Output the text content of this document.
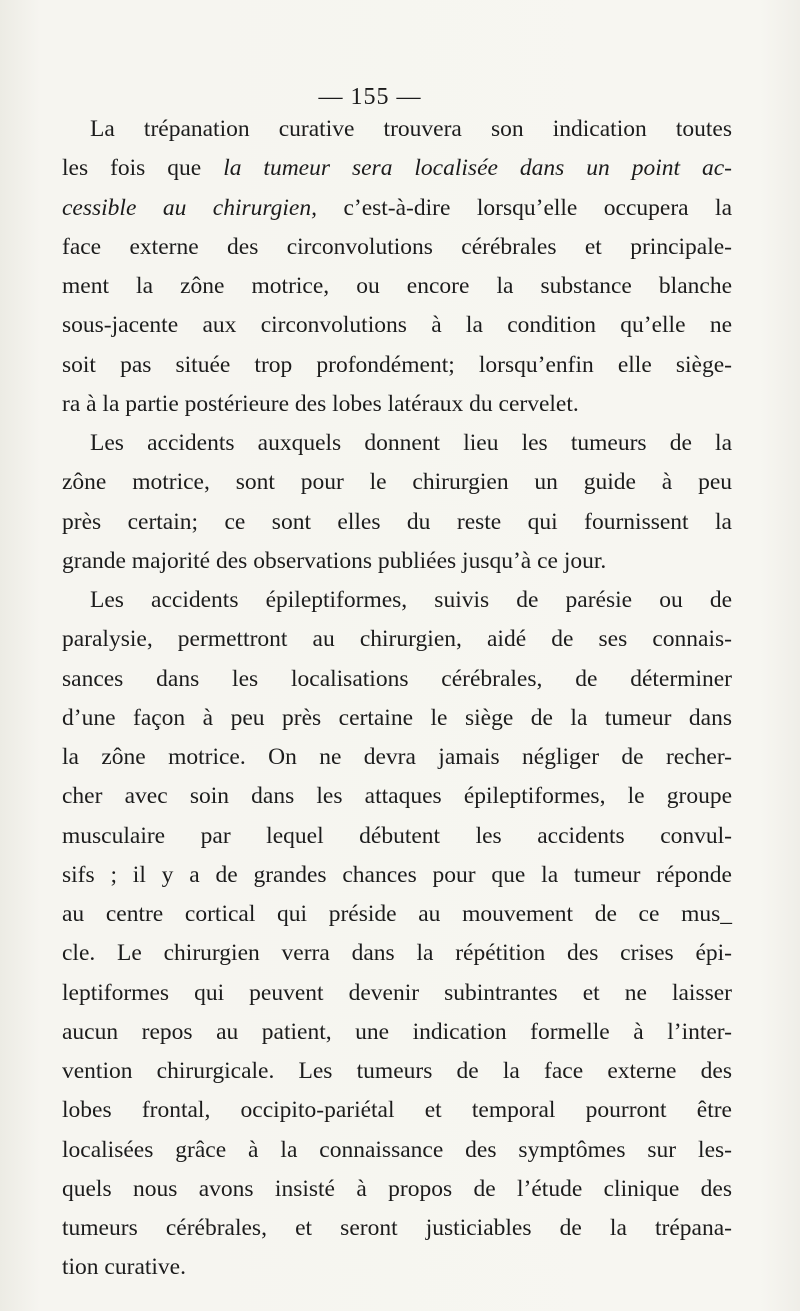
— 155 —
La trépanation curative trouvera son indication toutes
les fois que la tumeur sera localisée dans un point ac-
cessible au chirurgien, c’est-à-dire lorsqu’elle occupera la
face externe des circonvolutions cérébrales et principale-
ment la zône motrice, ou encore la substance blanche
sous-jacente aux circonvolutions à la condition qu’elle ne
soit pas située trop profondément; lorsqu’enfin elle siège-
ra à la partie postérieure des lobes latéraux du cervelet.
Les accidents auxquels donnent lieu les tumeurs de la
zône motrice, sont pour le chirurgien un guide à peu
près certain; ce sont elles du reste qui fournissent la
grande majorité des observations publiées jusqu’à ce jour.
Les accidents épileptiformes, suivis de parésie ou de
paralysie, permettront au chirurgien, aidé de ses connais-
sances dans les localisations cérébrales, de déterminer
d’une façon à peu près certaine le siège de la tumeur dans
la zône motrice. On ne devra jamais négliger de recher-
cher avec soin dans les attaques épileptiformes, le groupe
musculaire par lequel débutent les accidents convul-
sifs ; il y a de grandes chances pour que la tumeur réponde
au centre cortical qui préside au mouvement de ce mus_
cle. Le chirurgien verra dans la répétition des crises épi-
leptiformes qui peuvent devenir subintrantes et ne laisser
aucun repos au patient, une indication formelle à l’inter-
vention chirurgicale. Les tumeurs de la face externe des
lobes frontal, occipito-pariétal et temporal pourront être
localisées grâce à la connaissance des symptômes sur les-
quels nous avons insisté à propos de l’étude clinique des
tumeurs cérébrales, et seront justiciables de la trépana-
tion curative.
